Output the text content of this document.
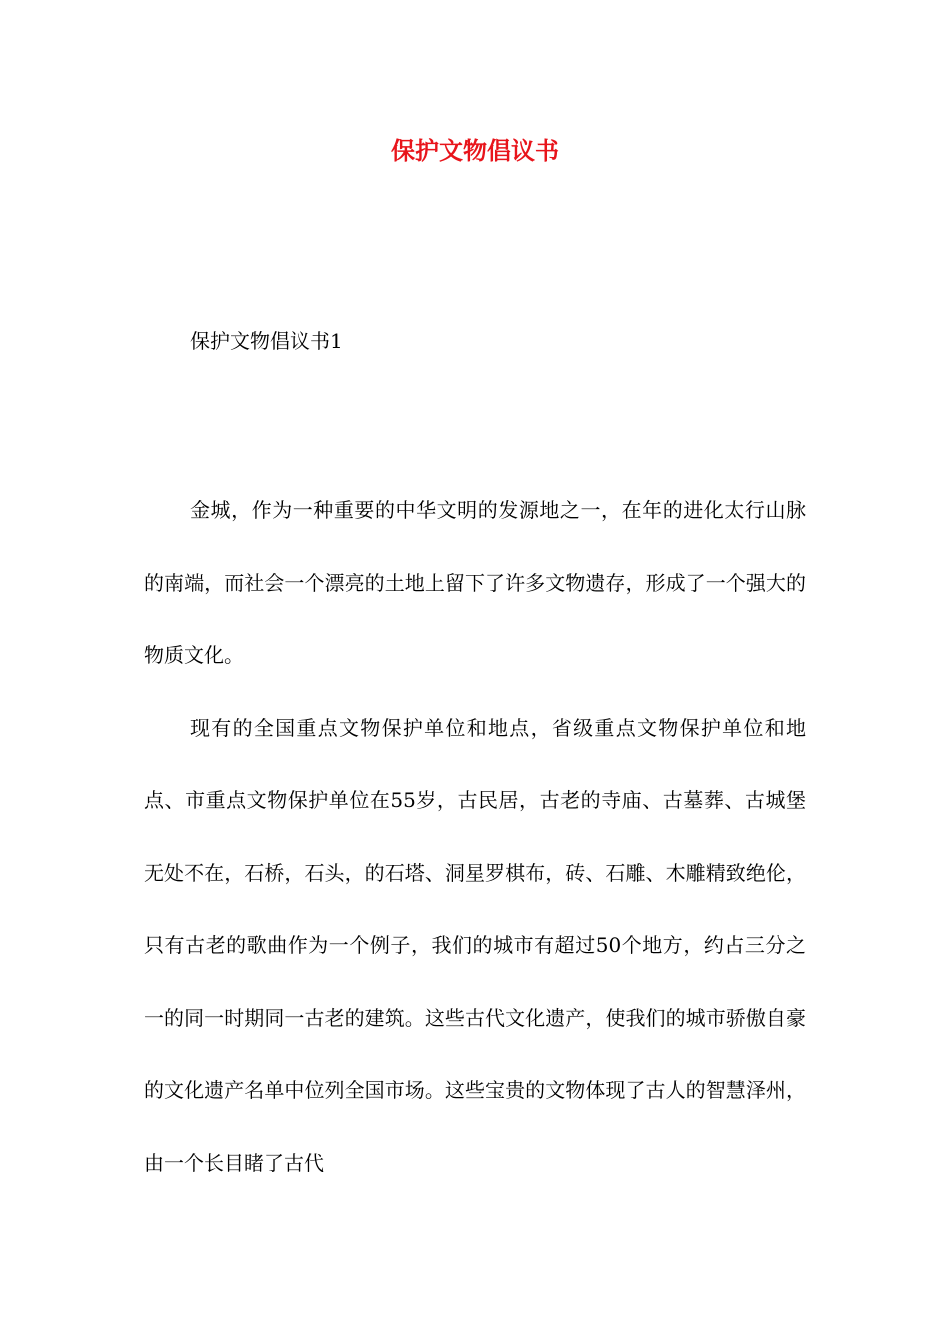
保护文物倡议书

保护文物倡议书1

金城，作为一种重要的中华文明的发源地之一，在年的进化太行山脉的南端，而社会一个漂亮的土地上留下了许多文物遗存，形成了一个强大的物质文化。

现有的全国重点文物保护单位和地点，省级重点文物保护单位和地点、市重点文物保护单位在55岁，古民居，古老的寺庙、古墓葬、古城堡无处不在，石桥，石头，的石塔、洞星罗棋布，砖、石雕、木雕精致绝伦，只有古老的歌曲作为一个例子，我们的城市有超过50个地方，约占三分之一的同一时期同一古老的建筑。这些古代文化遗产，使我们的城市骄傲自豪的文化遗产名单中位列全国市场。这些宝贵的文物体现了古人的智慧泽州，由一个长目睹了古代
